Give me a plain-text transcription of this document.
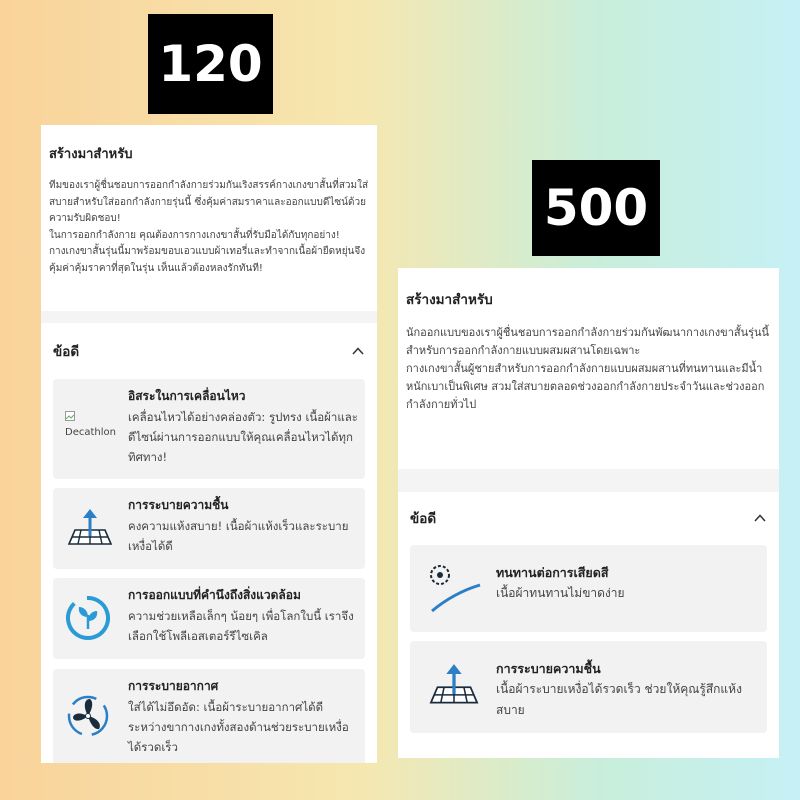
120
500
สร้างมาสำหรับ

ทีมของเราผู้ชื่นชอบการออกกำลังกายร่วมกันเริงสรรค์กางเกงขาสั้นที่สวมใส่สบายสำหรับใส่ออกกำลังกายรุ่นนี้ ซึ่งคุ้มค่าสมราคาและออกแบบดีไซน์ด้วยความรับผิดชอบ!
ในการออกกำลังกาย คุณต้องการกางเกงขาสั้นที่รับมือได้กับทุกอย่าง! กางเกงขาสั้นรุ่นนี้มาพร้อมขอบเอวแบบผ้าเทอรี่และทำจากเนื้อผ้ายืดหยุ่นจึงคุ้มค่าคุ้มราคาที่สุดในรุ่น เห็นแล้วต้องหลงรักทันที!

ข้อดี

Decathlon
อิสระในการเคลื่อนไหว
เคลื่อนไหวได้อย่างคล่องตัว: รูปทรง เนื้อผ้าและดีไซน์ผ่านการออกแบบให้คุณเคลื่อนไหวได้ทุกทิศทาง!
การระบายความชื้น
คงความแห้งสบาย! เนื้อผ้าแห้งเร็วและระบายเหงื่อได้ดี
การออกแบบที่คำนึงถึงสิ่งแวดล้อม
ความช่วยเหลือเล็กๆ น้อยๆ เพื่อโลกใบนี้ เราจึงเลือกใช้โพลีเอสเตอร์รีไซเคิล
การระบายอากาศ
ใส่ได้ไม่อึดอัด: เนื้อผ้าระบายอากาศได้ดีระหว่างขากางเกงทั้งสองด้านช่วยระบายเหงื่อได้รวดเร็ว
สร้างมาสำหรับ

นักออกแบบของเราผู้ชื่นชอบการออกกำลังกายร่วมกันพัฒนากางเกงขาสั้นรุ่นนี้สำหรับการออกกำลังกายแบบผสมผสานโดยเฉพาะ
กางเกงขาสั้นผู้ชายสำหรับการออกกำลังกายแบบผสมผสานที่ทนทานและมีน้ำหนักเบาเป็นพิเศษ สวมใส่สบายตลอดช่วงออกกำลังกายประจำวันและช่วงออกกำลังกายทั่วไป

ข้อดี
ทนทานต่อการเสียดสี
เนื้อผ้าทนทานไม่ขาดง่าย
การระบายความชื้น
เนื้อผ้าระบายเหงื่อได้รวดเร็ว ช่วยให้คุณรู้สึกแห้งสบาย
